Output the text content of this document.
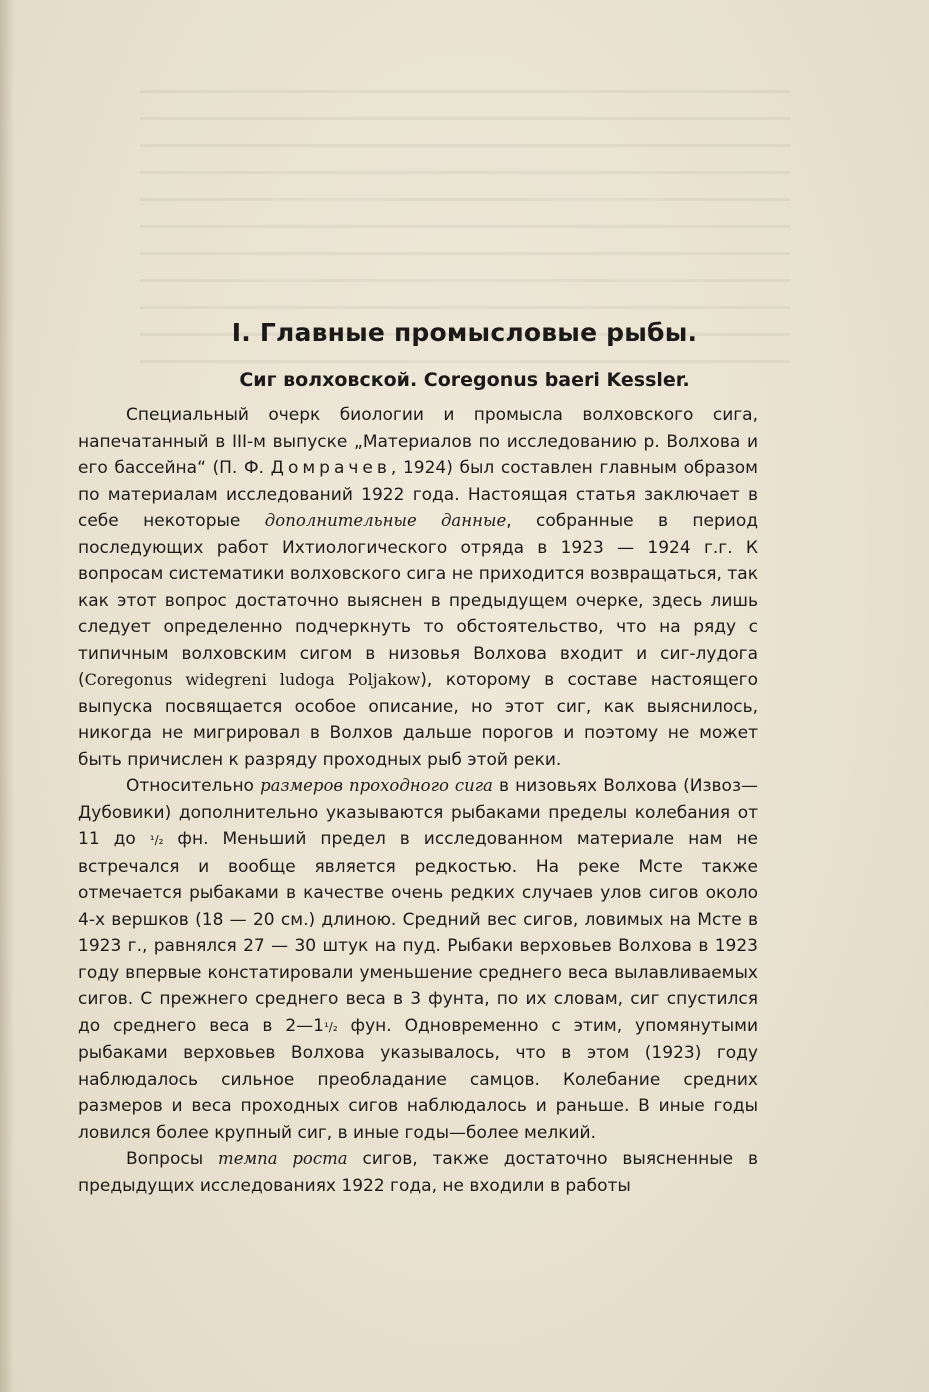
I. Главные промысловые рыбы.
Сиг волховской. Coregonus baeri Kessler.

Специальный очерк биологии и промысла волховского сига, напечатанный в III-м выпуске „Материалов по исследованию р. Волхова и его бассейна“ (П. Ф. Домрачев, 1924) был составлен главным образом по материалам исследований 1922 года. Настоящая статья заключает в себе некоторые дополнительные данные, собранные в период последующих работ Ихтиологического отряда в 1923 — 1924 г.г. К вопросам систематики волховского сига не приходится возвращаться, так как этот вопрос достаточно выяснен в предыдущем очерке, здесь лишь следует определенно подчеркнуть то обстоятельство, что на ряду с типичным волховским сигом в низовья Волхова входит и сиг-лудога (Coregonus widegreni ludoga Poljakow), которому в составе настоящего выпуска посвящается особое описание, но этот сиг, как выяснилось, никогда не мигрировал в Волхов дальше порогов и поэтому не может быть причислен к разряду проходных рыб этой реки.

Относительно размеров проходного сига в низовьях Волхова (Извоз—Дубовики) дополнительно указываются рыбаками пределы колебания от 11 до ¹/₂ фн. Меньший предел в исследованном материале нам не встречался и вообще является редкостью. На реке Мсте также отмечается рыбаками в качестве очень редких случаев улов сигов около 4-х вершков (18 — 20 см.) длиною. Средний вес сигов, ловимых на Мсте в 1923 г., равнялся 27 — 30 штук на пуд. Рыбаки верховьев Волхова в 1923 году впервые констатировали уменьшение среднего веса вылавливаемых сигов. С прежнего среднего веса в 3 фунта, по их словам, сиг спустился до среднего веса в 2—1¹/₂ фун. Одновременно с этим, упомянутыми рыбаками верховьев Волхова указывалось, что в этом (1923) году наблюдалось сильное преобладание самцов. Колебание средних размеров и веса проходных сигов наблюдалось и раньше. В иные годы ловился более крупный сиг, в иные годы—более мелкий.

Вопросы темпа роста сигов, также достаточно выясненные в предыдущих исследованиях 1922 года, не входили в работы
